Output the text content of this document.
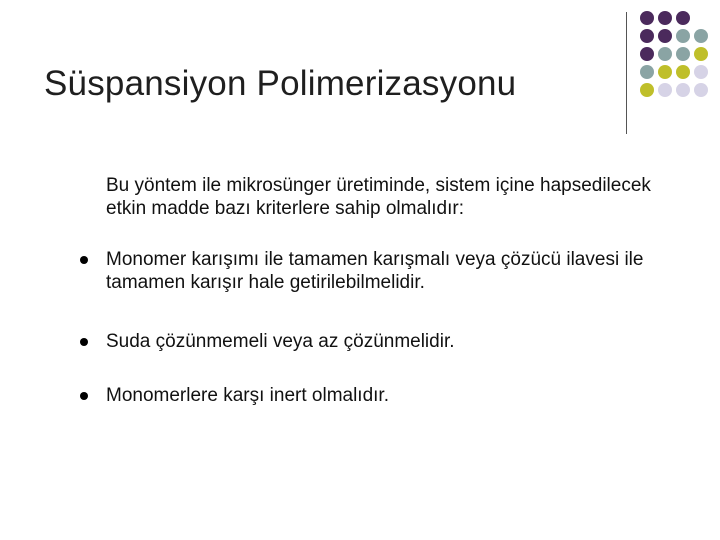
Süspansiyon Polimerizasyonu
Bu yöntem ile mikrosünger üretiminde, sistem içine hapsedilecek etkin madde bazı kriterlere sahip olmalıdır:
Monomer karışımı ile tamamen karışmalı veya çözücü ilavesi ile tamamen karışır hale getirilebilmelidir.
Suda çözünmemeli veya az çözünmelidir.
Monomerlere karşı inert olmalıdır.
